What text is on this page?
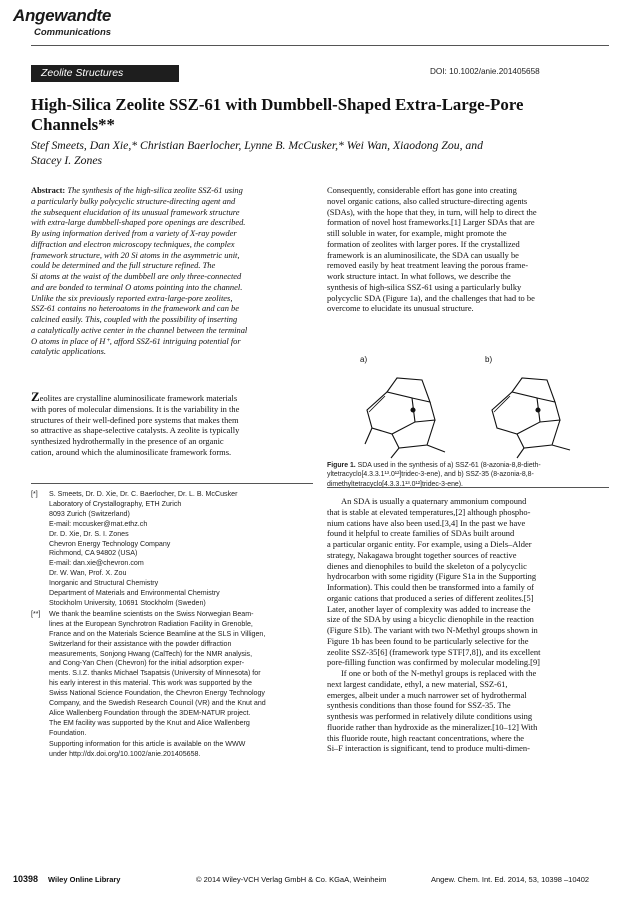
Angewandte
Communications
Zeolite Structures	DOI: 10.1002/anie.201405658
High-Silica Zeolite SSZ-61 with Dumbbell-Shaped Extra-Large-Pore Channels**
Stef Smeets, Dan Xie,* Christian Baerlocher, Lynne B. McCusker,* Wei Wan, Xiaodong Zou, and
Stacey I. Zones
Abstract: The synthesis of the high-silica zeolite SSZ-61 using
a particularly bulky polycyclic structure-directing agent and
the subsequent elucidation of its unusual framework structure
with extra-large dumbbell-shaped pore openings are described.
By using information derived from a variety of X-ray powder
diffraction and electron microscopy techniques, the complex
framework structure, with 20 Si atoms in the asymmetric unit,
could be determined and the full structure refined. The
Si atoms at the waist of the dumbbell are only three-connected
and are bonded to terminal O atoms pointing into the channel.
Unlike the six previously reported extra-large-pore zeolites,
SSZ-61 contains no heteroatoms in the framework and can be
calcined easily. This, coupled with the possibility of inserting
a catalytically active center in the channel between the terminal
O atoms in place of H⁺, afford SSZ-61 intriguing potential for
catalytic applications.
Zeolites are crystalline aluminosilicate framework materials
with pores of molecular dimensions. It is the variability in the
structures of their well-defined pore systems that makes them
so attractive as shape-selective catalysts. A zeolite is typically
synthesized hydrothermally in the presence of an organic
cation, around which the aluminosilicate framework forms.
[*]	S. Smeets, Dr. D. Xie, Dr. C. Baerlocher, Dr. L. B. McCusker
Laboratory of Crystallography, ETH Zurich
8093 Zurich (Switzerland)
E-mail: mccusker@mat.ethz.ch
Dr. D. Xie, Dr. S. I. Zones
Chevron Energy Technology Company
Richmond, CA 94802 (USA)
E-mail: dan.xie@chevron.com
Dr. W. Wan, Prof. X. Zou
Inorganic and Structural Chemistry
Department of Materials and Environmental Chemistry
Stockholm University, 10691 Stockholm (Sweden)
[**]	We thank the beamline scientists on the Swiss Norwegian Beam-
lines at the European Synchrotron Radiation Facility in Grenoble,
France and on the Materials Science Beamline at the SLS in Villigen,
Switzerland for their assistance with the powder diffraction
measurements, Sonjong Hwang (CalTech) for the NMR analysis,
and Cong-Yan Chen (Chevron) for the initial adsorption exper-
ments. S.I.Z. thanks Michael Tsapatsis (University of Minnesota) for
his early interest in this material. This work was supported by the
Swiss National Science Foundation, the Chevron Energy Technology
Company, and the Swedish Research Council (VR) and the Knut and
Alice Wallenberg Foundation through the 3DEM-NATUR project.
The EM facility was supported by the Knut and Alice Wallenberg
Foundation.
Supporting information for this article is available on the WWW
under http://dx.doi.org/10.1002/anie.201405658.
Consequently, considerable effort has gone into creating
novel organic cations, also called structure-directing agents
(SDAs), with the hope that they, in turn, will help to direct the
formation of novel host frameworks.[1] Larger SDAs that are
still soluble in water, for example, might promote the
formation of zeolites with larger pores. If the crystallized
framework is an aluminosilicate, the SDA can usually be
removed easily by heat treatment leaving the porous frame-
work structure intact. In what follows, we describe the
synthesis of high-silica SSZ-61 using a particularly bulky
polycyclic SDA (Figure 1a), and the challenges that had to be
overcome to elucidate its unusual structure.
a)	b)
Figure 1. SDA used in the synthesis of a) SSZ-61 (8-azonia-8,8-dieth-
yltetracyclo[4.3.3.1¹³.0¹²]tridec-3-ene), and b) SSZ-35 (8-azonia-8,8-
dimethyltetracyclo[4.3.3.1¹³.0¹²]tridec-3-ene).
An SDA is usually a quaternary ammonium compound
that is stable at elevated temperatures,[2] although phospho-
nium cations have also been used.[3,4] In the past we have
found it helpful to create families of SDAs built around
a particular organic entity. For example, using a Diels–Alder
strategy, Nakagawa brought together sources of reactive
dienes and dienophiles to build the skeleton of a polycyclic
hydrocarbon with some rigidity (Figure S1a in the Supporting
Information). This could then be transformed into a family of
organic cations that produced a series of different zeolites.[5]
Later, another layer of complexity was added to increase the
size of the SDA by using a bicyclic dienophile in the reaction
(Figure S1b). The variant with two N-Methyl groups shown in
Figure 1b has been found to be particularly selective for the
zeolite SSZ-35[6] (framework type STF[7,8]), and its excellent
pore-filling function was confirmed by molecular modeling.[9]
If one or both of the N-methyl groups is replaced with the
next largest candidate, ethyl, a new material, SSZ-61,
emerges, albeit under a much narrower set of hydrothermal
synthesis conditions than those found for SSZ-35. The
synthesis was performed in relatively dilute conditions using
fluoride rather than hydroxide as the mineralizer.[10–12] With
this fluoride route, high reactant concentrations, where the
Si–F interaction is significant, tend to produce multi-dimen-
10398 Wiley Online Library	© 2014 Wiley-VCH Verlag GmbH & Co. KGaA, Weinheim	Angew. Chem. Int. Ed. 2014, 53, 10398 –10402
